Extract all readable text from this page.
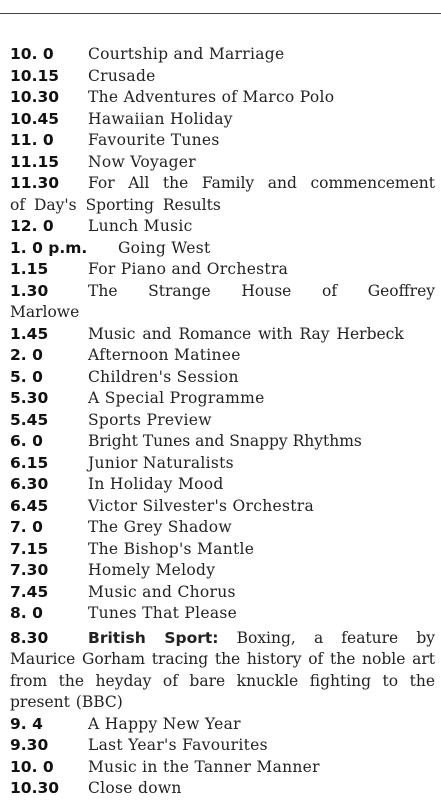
10. 0	Courtship and Marriage
10.15	Crusade
10.30	The Adventures of Marco Polo
10.45	Hawaiian Holiday
11. 0	Favourite Tunes
11.15	Now Voyager
11.30	For All the Family and commencement of Day's Sporting Results
12. 0	Lunch Music
1. 0 p.m.	Going West
1.15	For Piano and Orchestra
1.30	The Strange House of Geoffrey Marlowe
1.45	Music and Romance with Ray Herbeck
2. 0	Afternoon Matinee
5. 0	Children's Session
5.30	A Special Programme
5.45	Sports Preview
6. 0	Bright Tunes and Snappy Rhythms
6.15	Junior Naturalists
6.30	In Holiday Mood
6.45	Victor Silvester's Orchestra
7. 0	The Grey Shadow
7.15	The Bishop's Mantle
7.30	Homely Melody
7.45	Music and Chorus
8. 0	Tunes That Please
8.30	British Sport: Boxing, a feature by Maurice Gorham tracing the history of the noble art from the heyday of bare knuckle fighting to the present (BBC)
9. 4	A Happy New Year
9.30	Last Year's Favourites
10. 0	Music in the Tanner Manner
10.30	Close down
